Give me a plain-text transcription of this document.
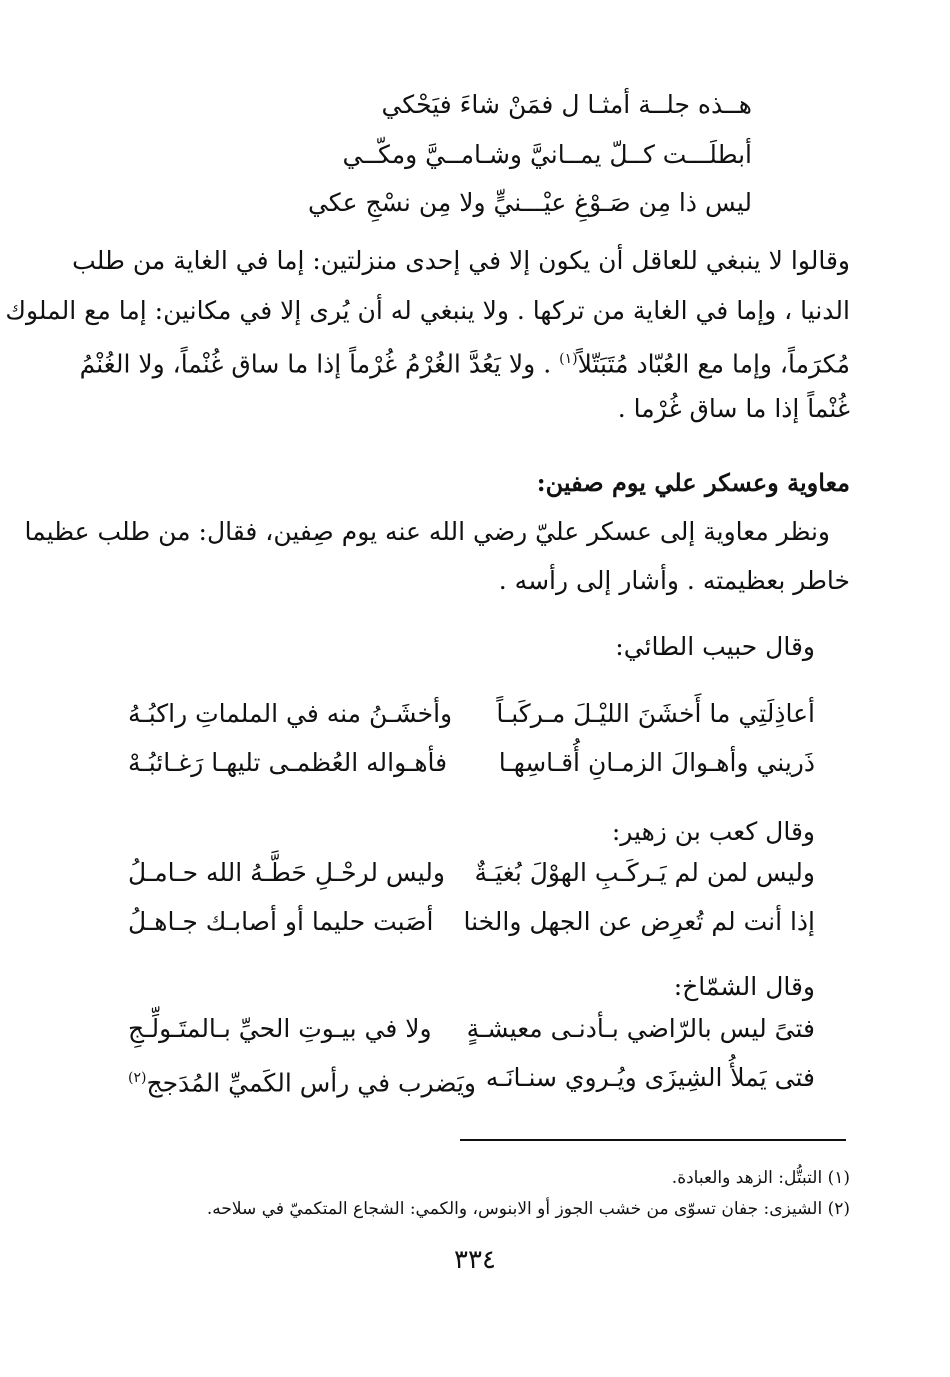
هــذه جلــة أمثـا ل فمَنْ شاءَ فيَحْكي
أبطلَـــت كــلّ يمــانيَّ وشـامــيَّ ومكّــي
ليس ذا مِن صَـوْغِ عيْـــنيٍّ ولا مِن نسْجِ عكي
وقالوا لا ينبغي للعاقل أن يكون إلا في إحدى منزلتين: إما في الغاية من طلب
الدنيا ، وإما في الغاية من تركها . ولا ينبغي له أن يُرى إلا في مكانين: إما مع الملوك
مُكرَماً، وإما مع العُبّاد مُتَبَتّلاً$^{(١)}$ . ولا يَعُدَّ الغُرْمُ غُرْماً إذا ما ساق غُنْماً، ولا الغُنْمُ
غُنْماً إذا ما ساق غُرْما .
معاوية وعسكر علي يوم صفين:
ونظر معاوية إلى عسكر عليّ رضي الله عنه يوم صِفين، فقال: من طلب عظيما
خاطر بعظيمته . وأشار إلى رأسه .
وقال حبيب الطائي:
أعاذِلَتِي ما أَخشَنَ الليْـلَ مـركَبـاً
وأخشَـنُ منه في الملماتِ راكبُـهُ
ذَريني وأهـوالَ الزمـانِ أُقـاسِهـا
فأهـواله العُظمـى تليهـا رَغـائبُـهْ
وقال كعب بن زهير:
وليس لمن لم يَـركَـبِ الهوْلَ بُغيَـةٌ
وليس لرحْـلِ حَطَّـهُ الله حـامـلُ
إذا أنت لم تُعرِض عن الجهل والخنا
أصَبت حليما أو أصابـك جـاهـلُ
وقال الشمّاخ:
فتىً ليس بالرّاضي بـأدنـى معيشـةٍ
ولا في بيـوتِ الحيِّ بـالمتَـولِّـجِ
فتى يَملأُ الشِيزَى ويُـروي سنـانَـه
ويَضرب في رأس الكَميِّ المُدَجج$^{(٢)}$
(١) التبتُّل: الزهد والعبادة.
(٢) الشيزى: جفان تسوّى من خشب الجوز أو الابنوس، والكمي: الشجاع المتكميّ في سلاحه.
٣٣٤
